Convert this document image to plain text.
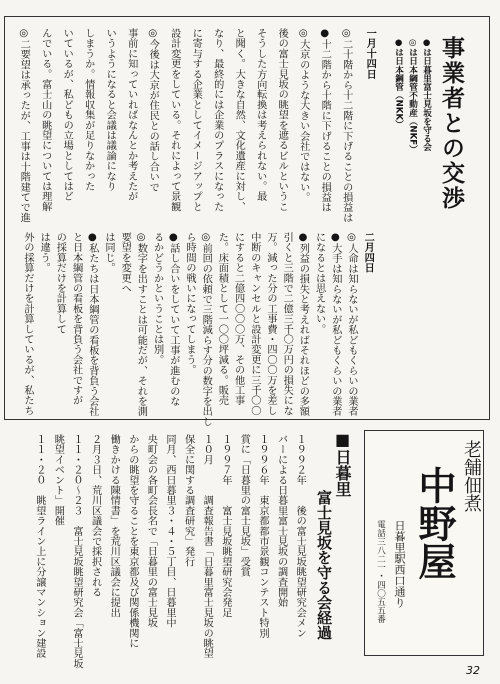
事業者との交渉
●は日暮里富士見坂を守る会
◎は日本綱管不動産（NKF）
●は日本鋼管（NKK）
一月十四日
◎二十階から十二階に下げることの損益は
●十二階から十階に下げることの損益は
◎大京のような大きい会社ではない。
後の富士見坂の眺望を遮るビルというこ
そうした方向転換は考えられない。最
と聞く。大きな自然、文化遺産に対し、
なり、最終的には企業のプラスになった
に寄与する企業としてイメージアップと
設計変更をしている。それによって景観
◎今後は大京が住民との話し合いで
事前に知っていればなんとか考えたが
いうようになると会議は議論になり
しまうか。情報収集が足りなかった
いているが、私どもの立場としてはど
んでいる。富士山の眺望については理解
◎二要望は承ったが、工事は十階建てで進
◎人命は知らないが私どもくらいの業者
●大手は知らないが私どもくらいの業者
になるとは思えない。
●列益の損失と考えればそれほどの多額
引くと三階で二億三千〇万円の損失にな
万。減った分の工事費・四〇〇万を差し
中断のキャンセルと設計変更に三千〇〇
にすると二億四〇〇〇万、その他工事
た。床面積として一〇〇坪減る。販売
◎前回の依頼で三階減らす分の数字を出し
ら時間の戦いになってしまう。
●話し合いをしていて工事が進むのな
るかどうかということは別。
◎数字を出すことは可能だが、それを測
要望を変更へ
は同じ。
●私たちは日本綱管の看板を背負う会社
と日本綱管の看板を背負う会社ですが
の採算だけを計算して
は違う。
外の採算だけを計算しているが、私たち	二月四日
■日暮里
富士見坂を守る会経過
１９９２年　　後の富士見坂眺望研究会メン
バーによる日暮里富士見坂の調査開始
１９９６年　東京都都市景観コンテスト特別
賞に「日暮里の富士見坂」受賞
１９９７年　　富士見坂眺望研究会発足
１０月　　　調査報告書「日暮里富士見坂の眺望
保全に関する調査研究」発行
同月、西日暮里３・４・５丁目、日暮里中
央町会の各町会長名で「日暮里の富士見坂
からの眺望を守ることを東京都及び関係機関に
働きかける陳情書」を荒川区議会に提出
２月３日、荒川区議会で採択される
１１・２０〜２３　富士見坂眺望研究会「富士見坂
眺望イベント」開催
１１・２０　眺望ライン上に分譲マンション建設	老舗佃煮
中野屋
日暮里駅西口通り
電話三八二一・四〇五五番
32
